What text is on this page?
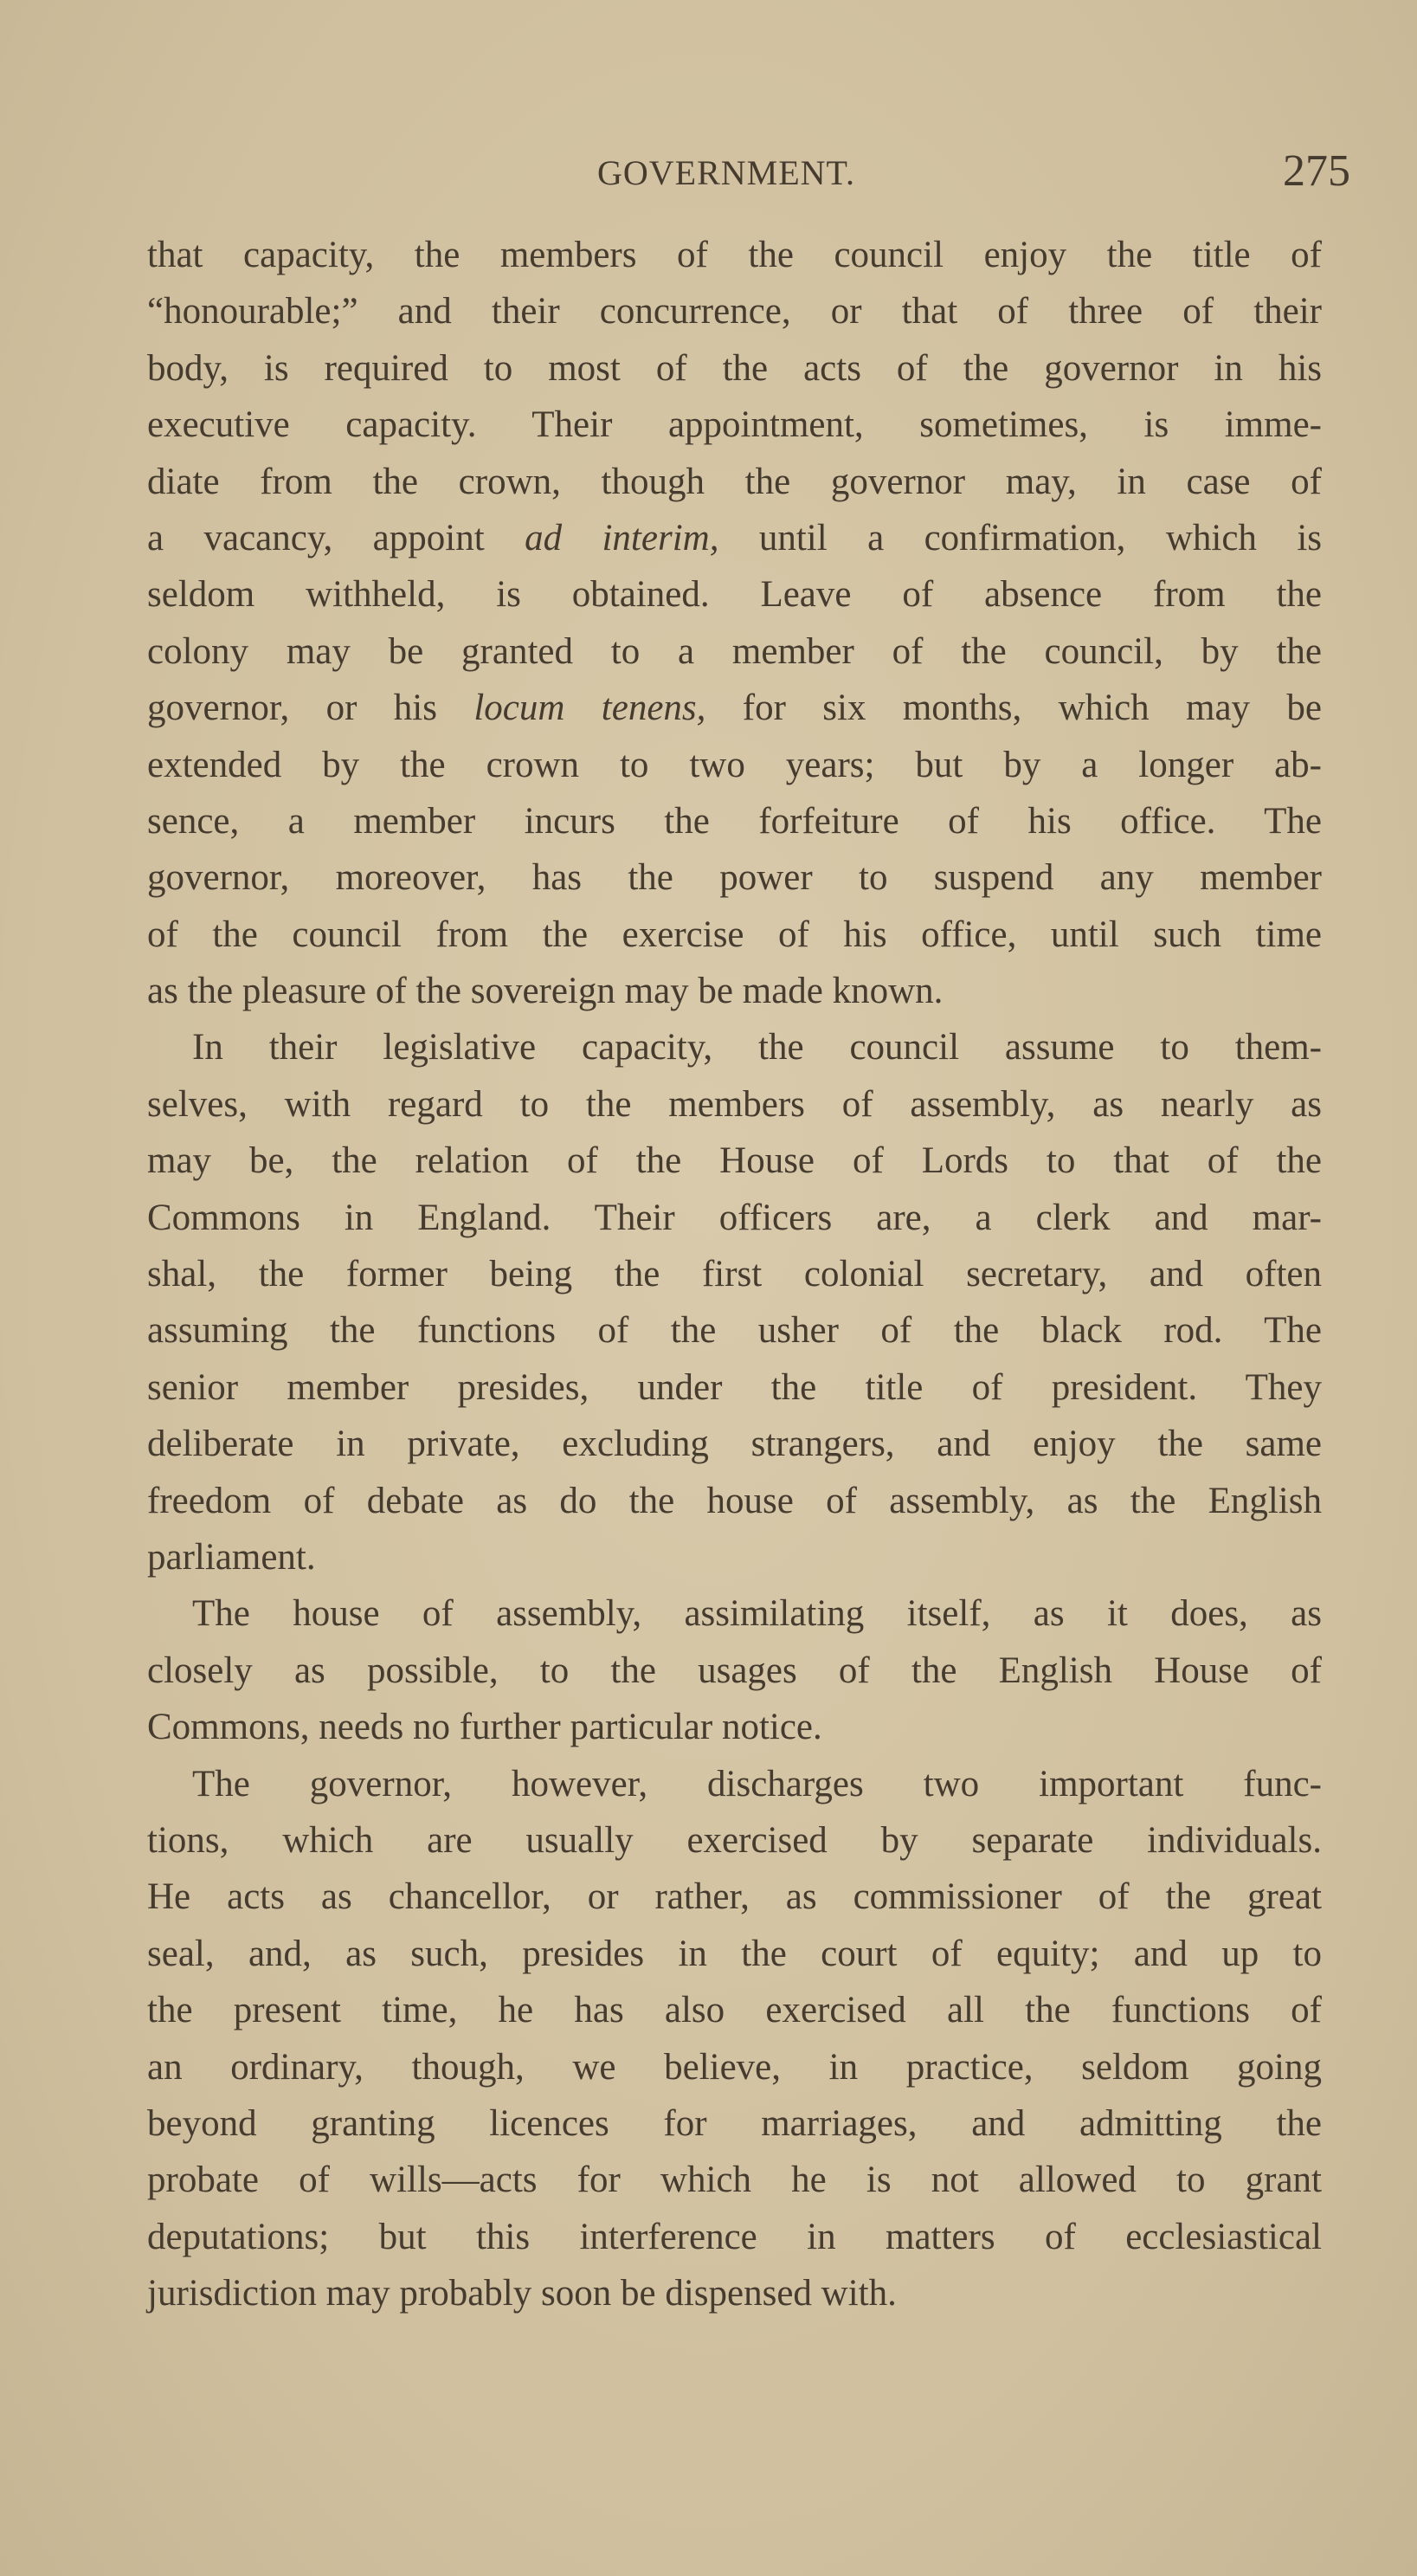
GOVERNMENT.	275
that capacity, the members of the council enjoy the title of
“honourable;” and their concurrence, or that of three of their
body, is required to most of the acts of the governor in his
executive capacity. Their appointment, sometimes, is imme-
diate from the crown, though the governor may, in case of
a vacancy, appoint ad interim, until a confirmation, which is
seldom withheld, is obtained. Leave of absence from the
colony may be granted to a member of the council, by the
governor, or his locum tenens, for six months, which may be
extended by the crown to two years; but by a longer ab-
sence, a member incurs the forfeiture of his office. The
governor, moreover, has the power to suspend any member
of the council from the exercise of his office, until such time
as the pleasure of the sovereign may be made known.
In their legislative capacity, the council assume to them-
selves, with regard to the members of assembly, as nearly as
may be, the relation of the House of Lords to that of the
Commons in England. Their officers are, a clerk and mar-
shal, the former being the first colonial secretary, and often
assuming the functions of the usher of the black rod. The
senior member presides, under the title of president. They
deliberate in private, excluding strangers, and enjoy the same
freedom of debate as do the house of assembly, as the English
parliament.
The house of assembly, assimilating itself, as it does, as
closely as possible, to the usages of the English House of
Commons, needs no further particular notice.
The governor, however, discharges two important func-
tions, which are usually exercised by separate individuals.
He acts as chancellor, or rather, as commissioner of the great
seal, and, as such, presides in the court of equity; and up to
the present time, he has also exercised all the functions of
an ordinary, though, we believe, in practice, seldom going
beyond granting licences for marriages, and admitting the
probate of wills—acts for which he is not allowed to grant
deputations; but this interference in matters of ecclesiastical
jurisdiction may probably soon be dispensed with.
